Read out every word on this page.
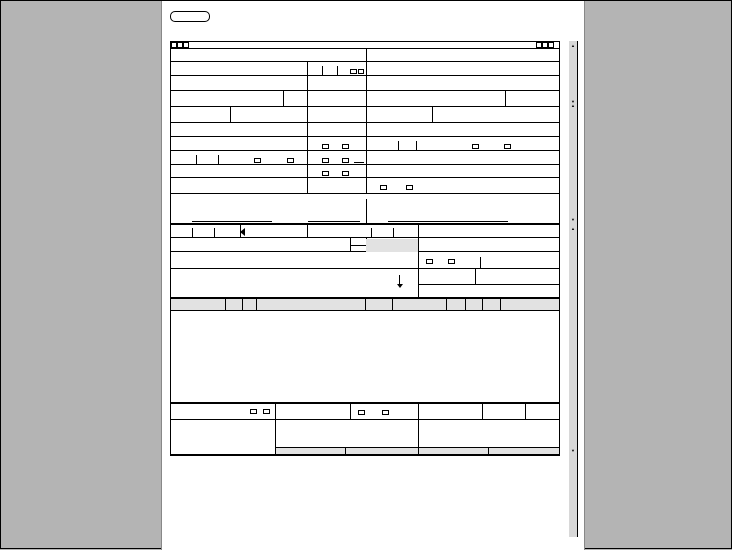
▲
▼
▲
▼
▲
▼
